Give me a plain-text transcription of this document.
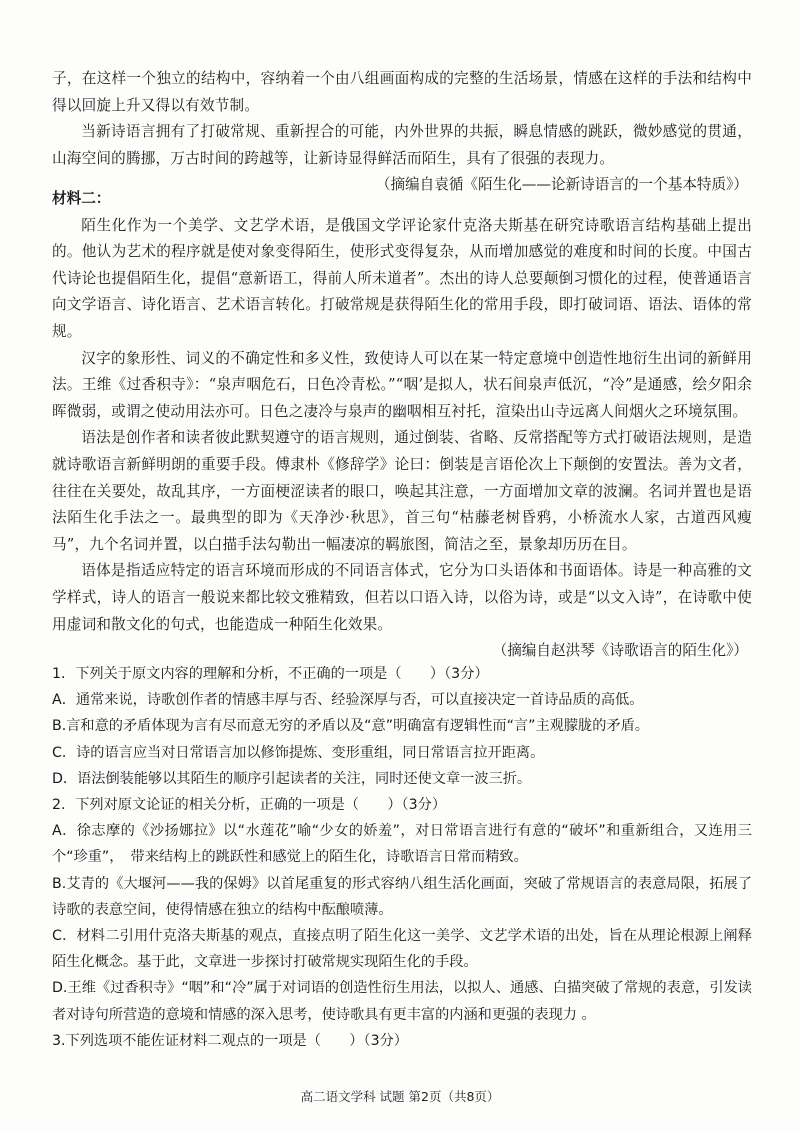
子，在这样一个独立的结构中，容纳着一个由八组画面构成的完整的生活场景，情感在这样的手法和结构中得以回旋上升又得以有效节制。

当新诗语言拥有了打破常规、重新捏合的可能，内外世界的共振，瞬息情感的跳跃，微妙感觉的贯通，山海空间的腾挪，万古时间的跨越等，让新诗显得鲜活而陌生，具有了很强的表现力。

（摘编自袁循《陌生化——论新诗语言的一个基本特质》）

材料二：

陌生化作为一个美学、文艺学术语，是俄国文学评论家什克洛夫斯基在研究诗歌语言结构基础上提出的。他认为艺术的程序就是使对象变得陌生，使形式变得复杂，从而增加感觉的难度和时间的长度。中国古代诗论也提倡陌生化，提倡“意新语工，得前人所未道者”。杰出的诗人总要颠倒习惯化的过程，使普通语言向文学语言、诗化语言、艺术语言转化。打破常规是获得陌生化的常用手段，即打破词语、语法、语体的常规。

汉字的象形性、词义的不确定性和多义性，致使诗人可以在某一特定意境中创造性地衍生出词的新鲜用法。王维《过香积寺》：“泉声咽危石，日色冷青松。”“咽’是拟人，状石间泉声低沉，“冷”是通感，绘夕阳余晖微弱，或谓之使动用法亦可。日色之凄冷与泉声的幽咽相互衬托，渲染出山寺远离人间烟火之环境氛围。

语法是创作者和读者彼此默契遵守的语言规则，通过倒装、省略、反常搭配等方式打破语法规则，是造就诗歌语言新鲜明朗的重要手段。傅隶朴《修辞学》论曰：倒装是言语伦次上下颠倒的安置法。善为文者，往往在关要处，故乱其序，一方面梗涩读者的眼口，唤起其注意，一方面增加文章的波澜。名词并置也是语法陌生化手法之一。最典型的即为《天净沙·秋思》，首三句“枯藤老树昏鸦，小桥流水人家，古道西风瘦马”，九个名词并置，以白描手法勾勒出一幅凄凉的羁旅图，简洁之至，景象却历历在目。

语体是指适应特定的语言环境而形成的不同语言体式，它分为口头语体和书面语体。诗是一种高雅的文学样式，诗人的语言一般说来都比较文雅精致，但若以口语入诗，以俗为诗，或是“以文入诗”，在诗歌中使用虚词和散文化的句式，也能造成一种陌生化效果。

（摘编自赵洪琴《诗歌语言的陌生化》）

1．下列关于原文内容的理解和分析，不正确的一项是（　　）（3分）

A．通常来说，诗歌创作者的情感丰厚与否、经验深厚与否，可以直接决定一首诗品质的高低。

B.言和意的矛盾体现为言有尽而意无穷的矛盾以及“意”明确富有逻辑性而“言”主观朦胧的矛盾。

C．诗的语言应当对日常语言加以修饰提炼、变形重组，同日常语言拉开距离。

D．语法倒装能够以其陌生的顺序引起读者的关注，同时还使文章一波三折。

2．下列对原文论证的相关分析，正确的一项是（　　）（3分）

A．徐志摩的《沙扬娜拉》以“水莲花”喻“少女的娇羞”，对日常语言进行有意的“破坏”和重新组合，又连用三个“珍重”，　带来结构上的跳跃性和感觉上的陌生化，诗歌语言日常而精致。

B.艾青的《大堰河——我的保姆》以首尾重复的形式容纳八组生活化画面，突破了常规语言的表意局限，拓展了诗歌的表意空间，使得情感在独立的结构中酝酿喷薄。

C．材料二引用什克洛夫斯基的观点，直接点明了陌生化这一美学、文艺学术语的出处，旨在从理论根源上阐释陌生化概念。基于此，文章进一步探讨打破常规实现陌生化的手段。

D.王维《过香积寺》“咽”和“冷”属于对词语的创造性衍生用法，以拟人、通感、白描突破了常规的表意，引发读者对诗句所营造的意境和情感的深入思考，使诗歌具有更丰富的内涵和更强的表现力 。

3.下列选项不能佐证材料二观点的一项是（　　）（3分）

高二语文学科 试题 第2页（共8页）
